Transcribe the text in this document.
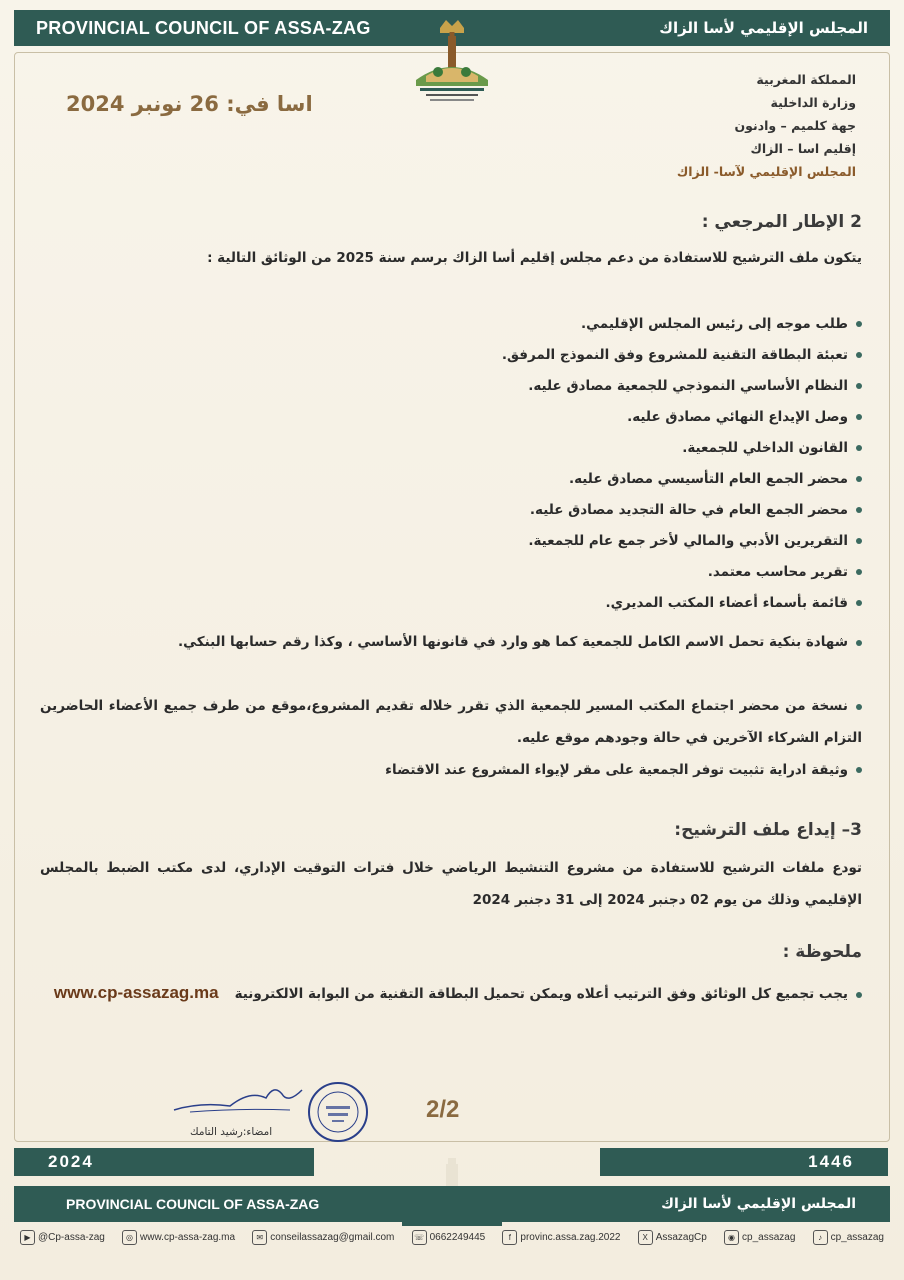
PROVINCIAL COUNCIL OF ASSA-ZAG	المجلس الإقليمي لأسا الزاك
المملكة المغربية
وزارة الداخلية
جهة كلميم – وادنون
إقليم اسا – الزاك
المجلس الإقليمي لآسا- الزاك
اسا في: 26 نونبر 2024
2 الإطار المرجعي :
يتكون ملف الترشيح للاستفادة من دعم مجلس إقليم أسا الزاك برسم سنة 2025 من الوثائق التالية :
طلب موجه إلى رئيس المجلس الإقليمي.
تعبئة البطاقة التقنية للمشروع وفق النموذج المرفق.
النظام الأساسي النموذجي للجمعية مصادق عليه.
وصل الإيداع النهائي مصادق عليه.
القانون الداخلي للجمعية.
محضر الجمع العام التأسيسي مصادق عليه.
محضر الجمع العام في حالة التجديد مصادق عليه.
التقريرين الأدبي والمالي لأخر جمع عام للجمعية.
تقرير محاسب معتمد.
قائمة بأسماء أعضاء المكتب المديري.
شهادة بنكية تحمل الاسم الكامل للجمعية كما هو وارد في قانونها الأساسي ، وكذا رقم حسابها البنكي.
نسخة من محضر اجتماع المكتب المسير للجمعية الذي تقرر خلاله تقديم المشروع،موقع من طرف جميع الأعضاء الحاضرين التزام الشركاء الآخرين في حالة وجودهم موقع عليه.
وثيقة ادراية تثبيت توفر الجمعية على مقر لإيواء المشروع عند الاقتضاء
3– إيداع ملف الترشيح:
تودع ملفات الترشيح للاستفادة من مشروع التنشيط الرياضي خلال فترات التوقيت الإداري، لدى مكتب الضبط بالمجلس الإقليمي وذلك من يوم 02 دجنبر 2024 إلى 31 دجنبر 2024
ملحوظة :
يجب تجميع كل الوثائق وفق الترتيب أعلاه ويمكن تحميل البطاقة التقنية من البوابة الالكترونيةwww.cp-assazag.ma
امضاء:رشيد التامك
2/2
2024	1446
PROVINCIAL COUNCIL OF ASSA-ZAG	المجلس الإقليمي لأسا الزاك
▶ @Cp-assa-zag	◎ www.cp-assa-zag.ma	✉ conseilassazag@gmail.com	☏ 0662249445	f provinc.assa.zag.2022	X AssazagCp	◉ cp_assazag	♪ cp_assazag
